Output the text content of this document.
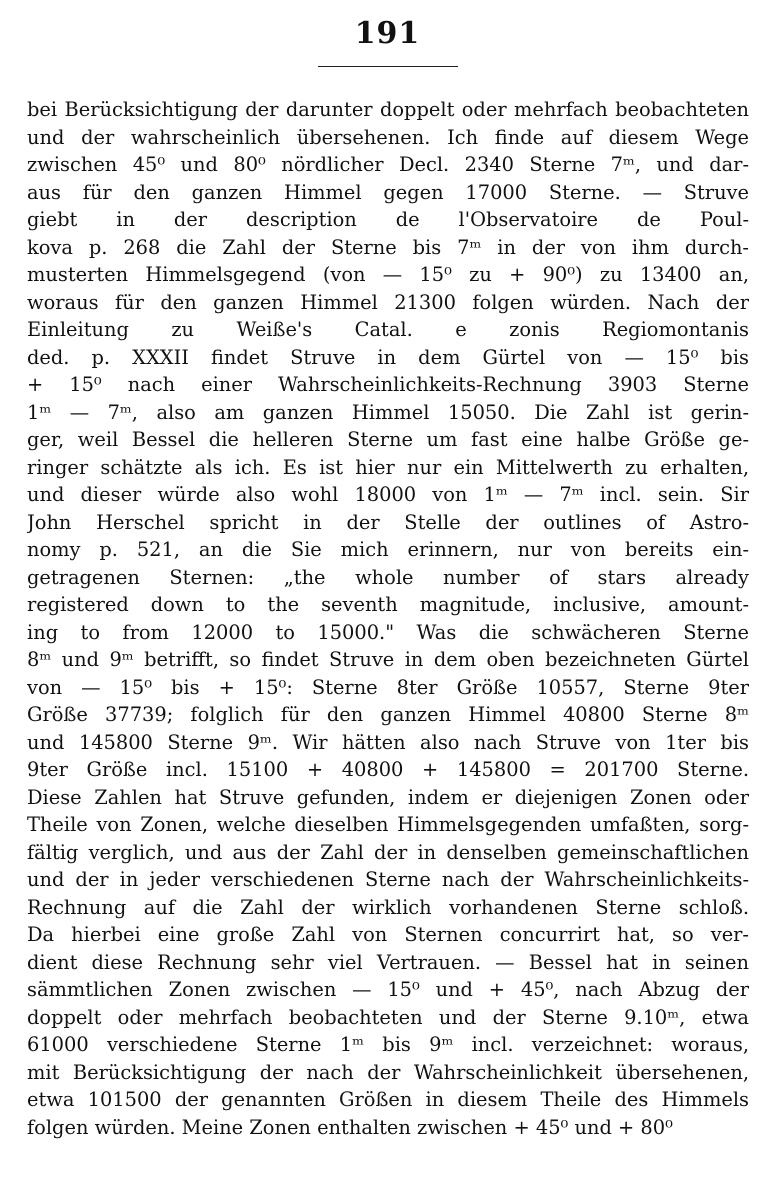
191
bei Berücksichtigung der darunter doppelt oder mehrfach beobachteten
und der wahrscheinlich übersehenen. Ich finde auf diesem Wege
zwischen 45⁰ und 80⁰ nördlicher Decl. 2340 Sterne 7ᵐ, und dar-
aus für den ganzen Himmel gegen 17000 Sterne. — Struve
giebt in der description de l'Observatoire de Poul-
kova p. 268 die Zahl der Sterne bis 7ᵐ in der von ihm durch-
musterten Himmelsgegend (von — 15⁰ zu + 90⁰) zu 13400 an,
woraus für den ganzen Himmel 21300 folgen würden. Nach der
Einleitung zu Weiße's Catal. e zonis Regiomontanis
ded. p. XXXII findet Struve in dem Gürtel von — 15⁰ bis
+ 15⁰ nach einer Wahrscheinlichkeits-Rechnung 3903 Sterne
1ᵐ — 7ᵐ, also am ganzen Himmel 15050. Die Zahl ist gerin-
ger, weil Bessel die helleren Sterne um fast eine halbe Größe ge-
ringer schätzte als ich. Es ist hier nur ein Mittelwerth zu erhalten,
und dieser würde also wohl 18000 von 1ᵐ — 7ᵐ incl. sein. Sir
John Herschel spricht in der Stelle der outlines of Astro-
nomy p. 521, an die Sie mich erinnern, nur von bereits ein-
getragenen Sternen: „the whole number of stars already
registered down to the seventh magnitude, inclusive, amount-
ing to from 12000 to 15000." Was die schwächeren Sterne
8ᵐ und 9ᵐ betrifft, so findet Struve in dem oben bezeichneten Gürtel
von — 15⁰ bis + 15⁰: Sterne 8ter Größe 10557, Sterne 9ter
Größe 37739; folglich für den ganzen Himmel 40800 Sterne 8ᵐ
und 145800 Sterne 9ᵐ. Wir hätten also nach Struve von 1ter bis
9ter Größe incl. 15100 + 40800 + 145800 = 201700 Sterne.
Diese Zahlen hat Struve gefunden, indem er diejenigen Zonen oder
Theile von Zonen, welche dieselben Himmelsgegenden umfaßten, sorg-
fältig verglich, und aus der Zahl der in denselben gemeinschaftlichen
und der in jeder verschiedenen Sterne nach der Wahrscheinlichkeits-
Rechnung auf die Zahl der wirklich vorhandenen Sterne schloß.
Da hierbei eine große Zahl von Sternen concurrirt hat, so ver-
dient diese Rechnung sehr viel Vertrauen. — Bessel hat in seinen
sämmtlichen Zonen zwischen — 15⁰ und + 45⁰, nach Abzug der
doppelt oder mehrfach beobachteten und der Sterne 9.10ᵐ, etwa
61000 verschiedene Sterne 1ᵐ bis 9ᵐ incl. verzeichnet: woraus,
mit Berücksichtigung der nach der Wahrscheinlichkeit übersehenen,
etwa 101500 der genannten Größen in diesem Theile des Himmels
folgen würden. Meine Zonen enthalten zwischen + 45⁰ und + 80⁰
